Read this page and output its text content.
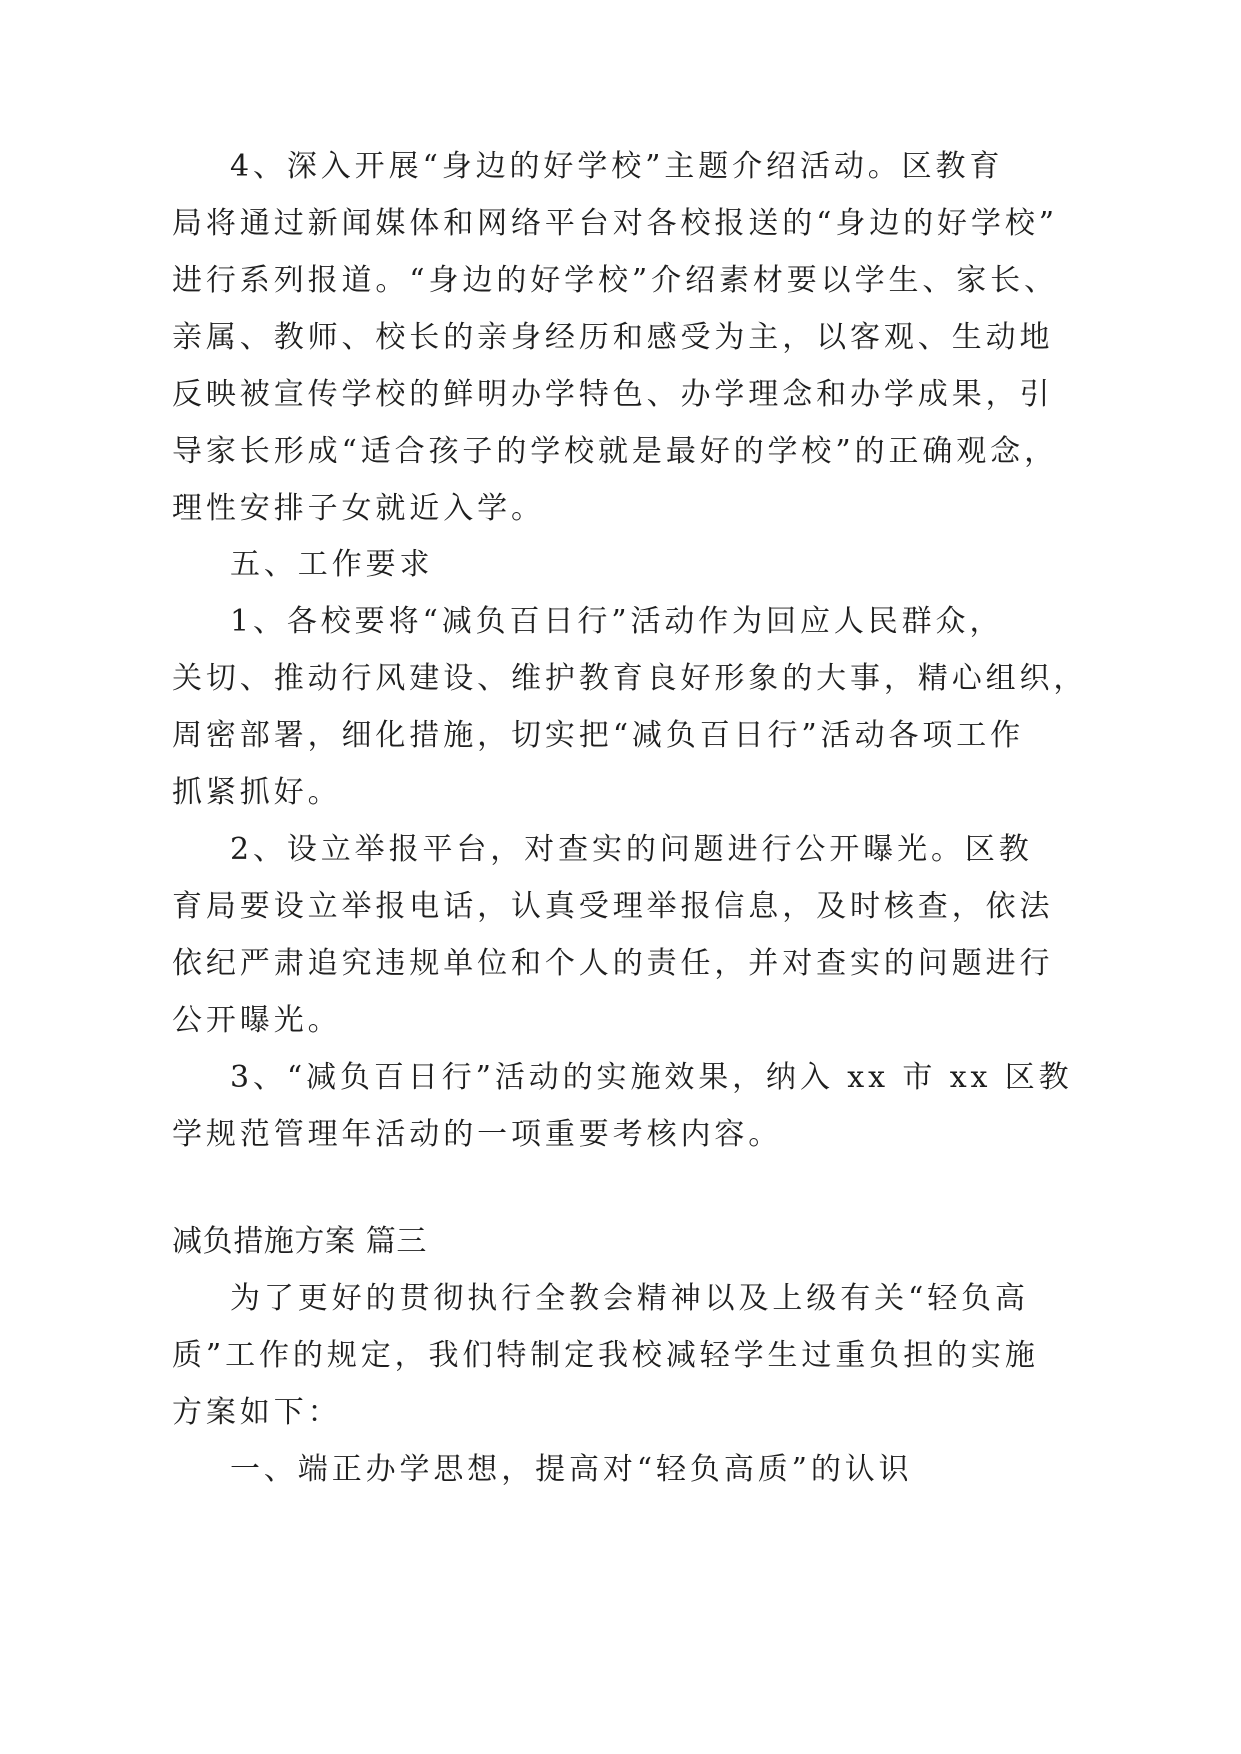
4、深入开展“身边的好学校”主题介绍活动。区教育

局将通过新闻媒体和网络平台对各校报送的“身边的好学校”

进行系列报道。“身边的好学校”介绍素材要以学生、家长、

亲属、教师、校长的亲身经历和感受为主，以客观、生动地

反映被宣传学校的鲜明办学特色、办学理念和办学成果，引

导家长形成“适合孩子的学校就是最好的学校”的正确观念，

理性安排子女就近入学。

五、工作要求

1、各校要将“减负百日行”活动作为回应人民群众，

关切、推动行风建设、维护教育良好形象的大事，精心组织，

周密部署，细化措施，切实把“减负百日行”活动各项工作

抓紧抓好。

2、设立举报平台，对查实的问题进行公开曝光。区教

育局要设立举报电话，认真受理举报信息，及时核查，依法

依纪严肃追究违规单位和个人的责任，并对查实的问题进行

公开曝光。

3、“减负百日行”活动的实施效果，纳入 xx 市 xx 区教

学规范管理年活动的一项重要考核内容。

减负措施方案 篇三

为了更好的贯彻执行全教会精神以及上级有关“轻负高

质”工作的规定，我们特制定我校减轻学生过重负担的实施

方案如下：

一、端正办学思想，提高对“轻负高质”的认识
